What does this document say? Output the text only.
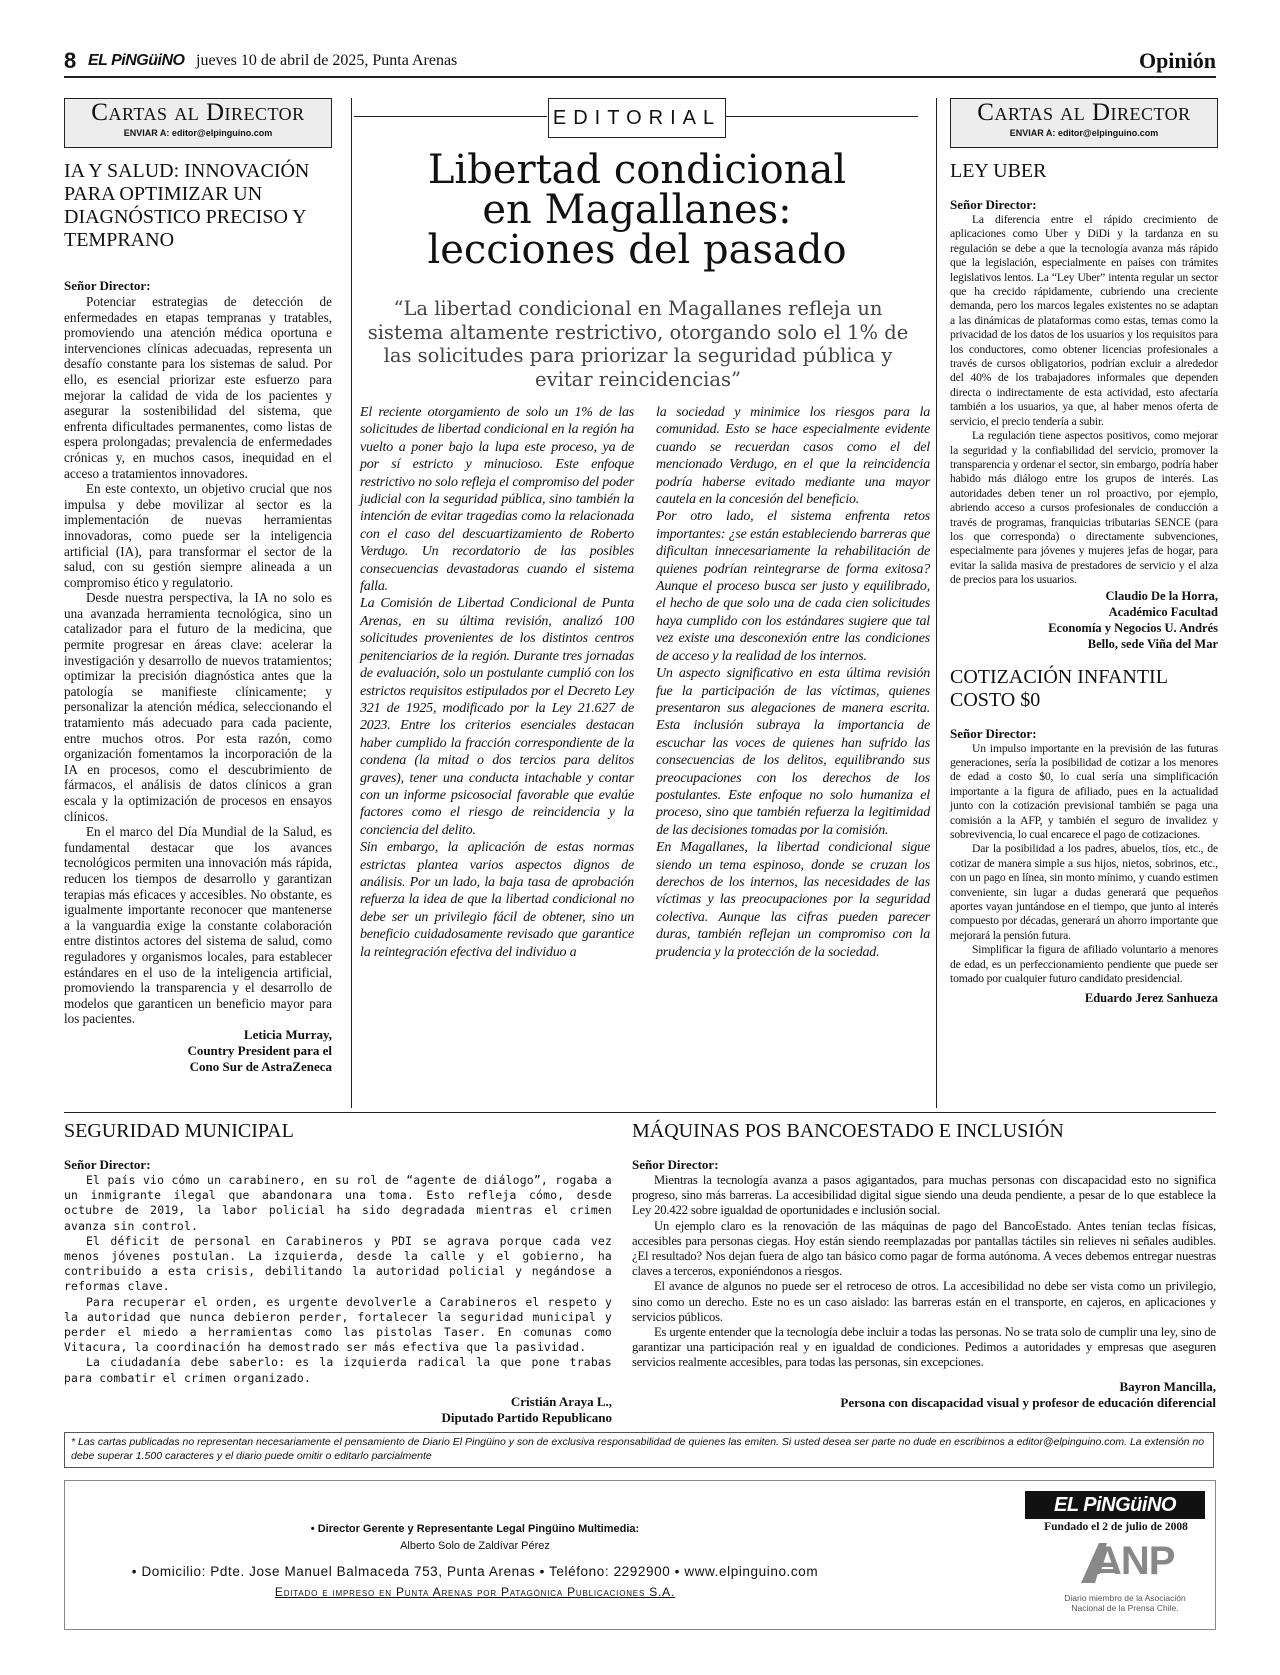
8 EL PiNGüiNO jueves 10 de abril de 2025, Punta Arenas	Opinión
Cartas al Director
ENVIAR A: editor@elpinguino.com
IA Y SALUD: INNOVACIÓN PARA OPTIMIZAR UN DIAGNÓSTICO PRECISO Y TEMPRANO
Señor Director:

Potenciar estrategias de detección de enfermedades en etapas tempranas y tratables, promoviendo una atención médica oportuna e intervenciones clínicas adecuadas, representa un desafío constante para los sistemas de salud. Por ello, es esencial priorizar este esfuerzo para mejorar la calidad de vida de los pacientes y asegurar la sostenibilidad del sistema, que enfrenta dificultades permanentes, como listas de espera prolongadas; prevalencia de enfermedades crónicas y, en muchos casos, inequidad en el acceso a tratamientos innovadores.

En este contexto, un objetivo crucial que nos impulsa y debe movilizar al sector es la implementación de nuevas herramientas innovadoras, como puede ser la inteligencia artificial (IA), para transformar el sector de la salud, con su gestión siempre alineada a un compromiso ético y regulatorio.

Desde nuestra perspectiva, la IA no solo es una avanzada herramienta tecnológica, sino un catalizador para el futuro de la medicina, que permite progresar en áreas clave: acelerar la investigación y desarrollo de nuevos tratamientos; optimizar la precisión diagnóstica antes que la patología se manifieste clínicamente; y personalizar la atención médica, seleccionando el tratamiento más adecuado para cada paciente, entre muchos otros. Por esta razón, como organización fomentamos la incorporación de la IA en procesos, como el descubrimiento de fármacos, el análisis de datos clínicos a gran escala y la optimización de procesos en ensayos clínicos.

En el marco del Día Mundial de la Salud, es fundamental destacar que los avances tecnológicos permiten una innovación más rápida, reducen los tiempos de desarrollo y garantizan terapias más eficaces y accesibles. No obstante, es igualmente importante reconocer que mantenerse a la vanguardia exige la constante colaboración entre distintos actores del sistema de salud, como reguladores y organismos locales, para establecer estándares en el uso de la inteligencia artificial, promoviendo la transparencia y el desarrollo de modelos que garanticen un beneficio mayor para los pacientes.

Leticia Murray,
Country President para el
Cono Sur de AstraZeneca
EDITORIAL
Libertad condicional
en Magallanes:
lecciones del pasado
“La libertad condicional en Magallanes refleja un sistema altamente restrictivo, otorgando solo el 1% de las solicitudes para priorizar la seguridad pública y evitar reincidencias”

El reciente otorgamiento de solo un 1% de las solicitudes de libertad condicional en la región ha vuelto a poner bajo la lupa este proceso, ya de por sí estricto y minucioso. Este enfoque restrictivo no solo refleja el compromiso del poder judicial con la seguridad pública, sino también la intención de evitar tragedias como la relacionada con el caso del descuartizamiento de Roberto Verdugo. Un recordatorio de las posibles consecuencias devastadoras cuando el sistema falla.

La Comisión de Libertad Condicional de Punta Arenas, en su última revisión, analizó 100 solicitudes provenientes de los distintos centros penitenciarios de la región. Durante tres jornadas de evaluación, solo un postulante cumplió con los estrictos requisitos estipulados por el Decreto Ley 321 de 1925, modificado por la Ley 21.627 de 2023. Entre los criterios esenciales destacan haber cumplido la fracción correspondiente de la condena (la mitad o dos tercios para delitos graves), tener una conducta intachable y contar con un informe psicosocial favorable que evalúe factores como el riesgo de reincidencia y la conciencia del delito.

Sin embargo, la aplicación de estas normas estrictas plantea varios aspectos dignos de análisis. Por un lado, la baja tasa de aprobación refuerza la idea de que la libertad condicional no debe ser un privilegio fácil de obtener, sino un beneficio cuidadosamente revisado que garantice la reintegración efectiva del individuo a

la sociedad y minimice los riesgos para la comunidad. Esto se hace especialmente evidente cuando se recuerdan casos como el del mencionado Verdugo, en el que la reincidencia podría haberse evitado mediante una mayor cautela en la concesión del beneficio.

Por otro lado, el sistema enfrenta retos importantes: ¿se están estableciendo barreras que dificultan innecesariamente la rehabilitación de quienes podrían reintegrarse de forma exitosa? Aunque el proceso busca ser justo y equilibrado, el hecho de que solo una de cada cien solicitudes haya cumplido con los estándares sugiere que tal vez existe una desconexión entre las condiciones de acceso y la realidad de los internos.

Un aspecto significativo en esta última revisión fue la participación de las víctimas, quienes presentaron sus alegaciones de manera escrita. Esta inclusión subraya la importancia de escuchar las voces de quienes han sufrido las consecuencias de los delitos, equilibrando sus preocupaciones con los derechos de los postulantes. Este enfoque no solo humaniza el proceso, sino que también refuerza la legitimidad de las decisiones tomadas por la comisión.

En Magallanes, la libertad condicional sigue siendo un tema espinoso, donde se cruzan los derechos de los internos, las necesidades de las víctimas y las preocupaciones por la seguridad colectiva. Aunque las cifras pueden parecer duras, también reflejan un compromiso con la prudencia y la protección de la sociedad.

Cartas al Director
ENVIAR A: editor@elpinguino.com
LEY UBER
Señor Director:

La diferencia entre el rápido crecimiento de aplicaciones como Uber y DiDi y la tardanza en su regulación se debe a que la tecnología avanza más rápido que la legislación, especialmente en países con trámites legislativos lentos. La “Ley Uber” intenta regular un sector que ha crecido rápidamente, cubriendo una creciente demanda, pero los marcos legales existentes no se adaptan a las dinámicas de plataformas como estas, temas como la privacidad de los datos de los usuarios y los requisitos para los conductores, como obtener licencias profesionales a través de cursos obligatorios, podrían excluir a alrededor del 40% de los trabajadores informales que dependen directa o indirectamente de esta actividad, esto afectaría también a los usuarios, ya que, al haber menos oferta de servicio, el precio tendería a subir.

La regulación tiene aspectos positivos, como mejorar la seguridad y la confiabilidad del servicio, promover la transparencia y ordenar el sector, sin embargo, podría haber habido más diálogo entre los grupos de interés. Las autoridades deben tener un rol proactivo, por ejemplo, abriendo acceso a cursos profesionales de conducción a través de programas, franquicias tributarias SENCE (para los que corresponda) o directamente subvenciones, especialmente para jóvenes y mujeres jefas de hogar, para evitar la salida masiva de prestadores de servicio y el alza de precios para los usuarios.

Claudio De la Horra,
Académico Facultad
Economía y Negocios U. Andrés
Bello, sede Viña del Mar
COTIZACIÓN INFANTIL
COSTO $0
Señor Director:

Un impulso importante en la previsión de las futuras generaciones, sería la posibilidad de cotizar a los menores de edad a costo $0, lo cual sería una simplificación importante a la figura de afiliado, pues en la actualidad junto con la cotización previsional también se paga una comisión a la AFP, y también el seguro de invalidez y sobrevivencia, lo cual encarece el pago de cotizaciones.

Dar la posibilidad a los padres, abuelos, tíos, etc., de cotizar de manera simple a sus hijos, nietos, sobrinos, etc., con un pago en línea, sin monto mínimo, y cuando estimen conveniente, sin lugar a dudas generará que pequeños aportes vayan juntándose en el tiempo, que junto al interés compuesto por décadas, generará un ahorro importante que mejorará la pensión futura.

Simplificar la figura de afiliado voluntario a menores de edad, es un perfeccionamiento pendiente que puede ser tomado por cualquier futuro candidato presidencial.

Eduardo Jerez Sanhueza
SEGURIDAD MUNICIPAL
Señor Director:

El país vio cómo un carabinero, en su rol de “agente de diálogo”, rogaba a un inmigrante ilegal que abandonara una toma. Esto refleja cómo, desde octubre de 2019, la labor policial ha sido degradada mientras el crimen avanza sin control.

El déficit de personal en Carabineros y PDI se agrava porque cada vez menos jóvenes postulan. La izquierda, desde la calle y el gobierno, ha contribuido a esta crisis, debilitando la autoridad policial y negándose a reformas clave.

Para recuperar el orden, es urgente devolverle a Carabineros el respeto y la autoridad que nunca debieron perder, fortalecer la seguridad municipal y perder el miedo a herramientas como las pistolas Taser. En comunas como Vitacura, la coordinación ha demostrado ser más efectiva que la pasividad.

La ciudadanía debe saberlo: es la izquierda radical la que pone trabas para combatir el crimen organizado.

Cristián Araya L.,
Diputado Partido Republicano
MÁQUINAS POS BANCOESTADO E INCLUSIÓN
Señor Director:

Mientras la tecnología avanza a pasos agigantados, para muchas personas con discapacidad esto no significa progreso, sino más barreras. La accesibilidad digital sigue siendo una deuda pendiente, a pesar de lo que establece la Ley 20.422 sobre igualdad de oportunidades e inclusión social.

Un ejemplo claro es la renovación de las máquinas de pago del BancoEstado. Antes tenían teclas físicas, accesibles para personas ciegas. Hoy están siendo reemplazadas por pantallas táctiles sin relieves ni señales audibles. ¿El resultado? Nos dejan fuera de algo tan básico como pagar de forma autónoma. A veces debemos entregar nuestras claves a terceros, exponiéndonos a riesgos.

El avance de algunos no puede ser el retroceso de otros. La accesibilidad no debe ser vista como un privilegio, sino como un derecho. Este no es un caso aislado: las barreras están en el transporte, en cajeros, en aplicaciones y servicios públicos.

Es urgente entender que la tecnología debe incluir a todas las personas. No se trata solo de cumplir una ley, sino de garantizar una participación real y en igualdad de condiciones. Pedimos a autoridades y empresas que aseguren servicios realmente accesibles, para todas las personas, sin excepciones.

Bayron Mancilla,
Persona con discapacidad visual y profesor de educación diferencial
* Las cartas publicadas no representan necesariamente el pensamiento de Diario El Pingüino y son de exclusiva responsabilidad de quienes las emiten. Si usted desea ser parte no dude en escribirnos a editor@elpinguino.com. La extensión no debe superar 1.500 caracteres y el diario puede omitir o editarlo parcialmente
• Director Gerente y Representante Legal Pingüino Multimedia:
Alberto Solo de Zaldívar Pérez
• Domicilio: Pdte. Jose Manuel Balmaceda 753, Punta Arenas • Teléfono: 2292900 • www.elpinguino.com
Editado e impreso en Punta Arenas por Patagónica Publicaciones S.A.
EL PiNGüiNO
Fundado el 2 de julio de 2008
ANP
Diario miembro de la Asociación
Nacional de la Prensa Chile.
